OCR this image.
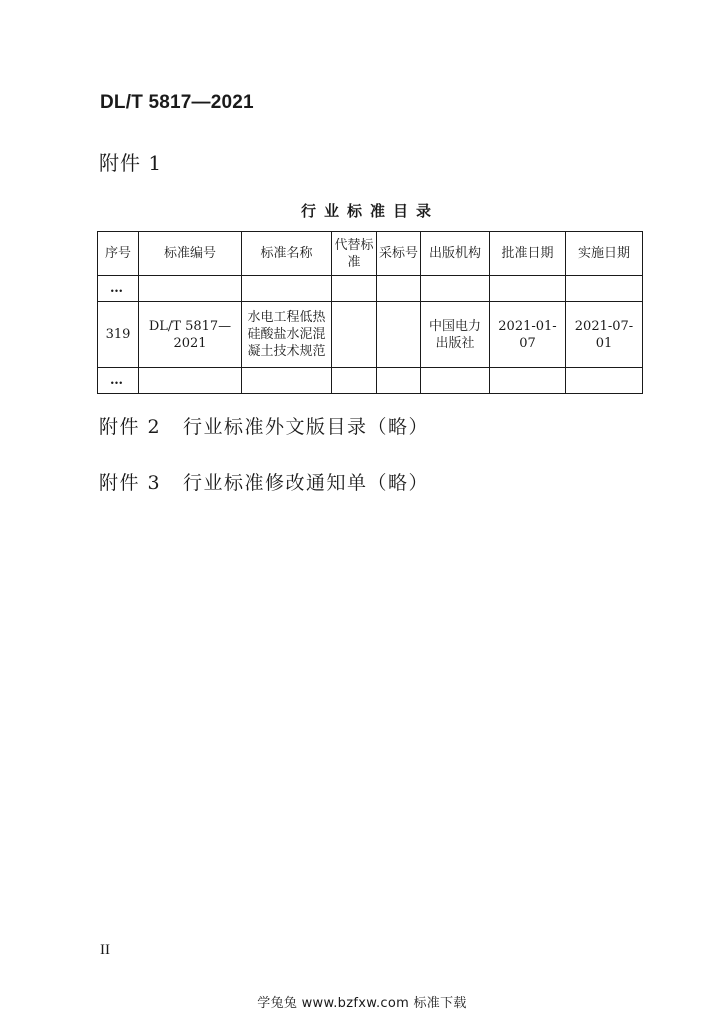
DL/T 5817—2021
附件 1
行业标准目录
序号	标准编号	标准名称	代替标准	采标号	出版机构	批准日期	实施日期
…							
319	DL/T 5817—2021	水电工程低热硅酸盐水泥混凝土技术规范			中国电力出版社	2021-01-07	2021-07-01
…							
附件 2 行业标准外文版目录（略）
附件 3 行业标准修改通知单（略）
II
学兔兔 www.bzfxw.com 标准下载
